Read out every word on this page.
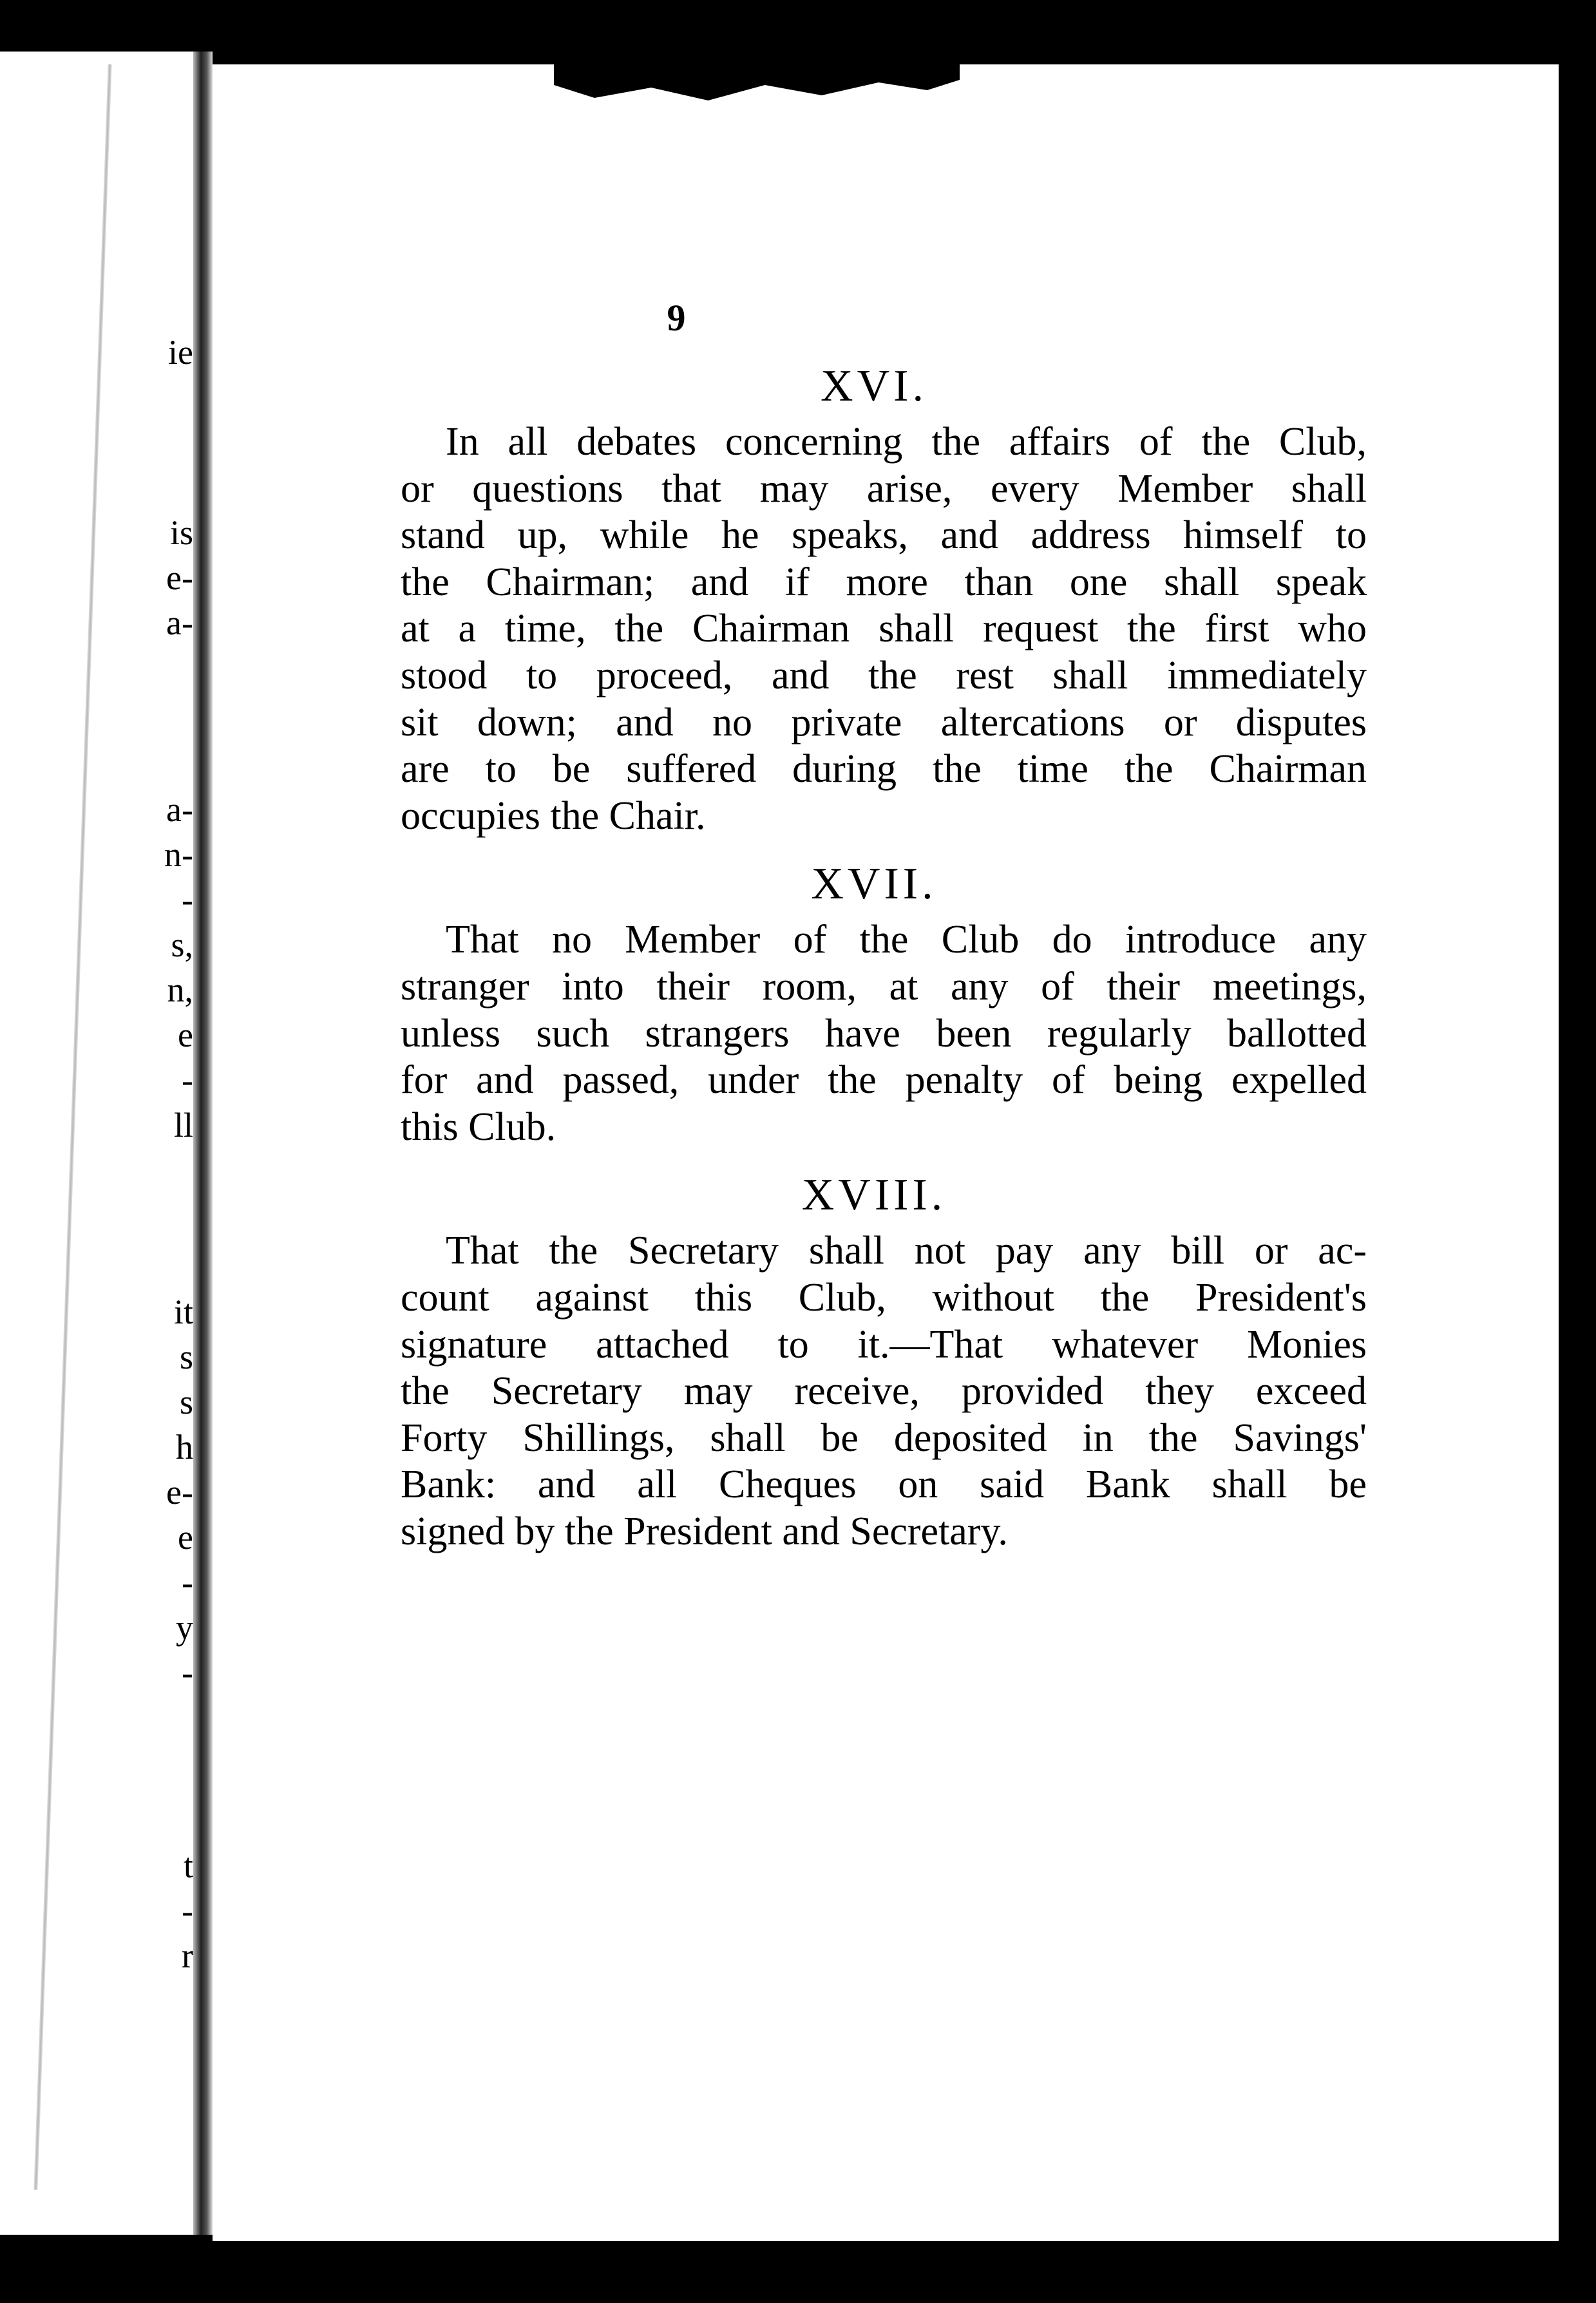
ie
is
e-
a-
a-
n-
-
s,
n,
e
-
ll
it
s
s
h
e-
e
-
y
-
t
-
r
9
XVI.

In all debates concerning the affairs of the Club,
or questions that may arise, every Member shall
stand up, while he speaks, and address himself to
the Chairman; and if more than one shall speak
at a time, the Chairman shall request the first who
stood to proceed, and the rest shall immediately
sit down; and no private altercations or disputes
are to be suffered during the time the Chairman
occupies the Chair.

XVII.

That no Member of the Club do introduce any
stranger into their room, at any of their meetings,
unless such strangers have been regularly ballotted
for and passed, under the penalty of being expelled
this Club.

XVIII.

That the Secretary shall not pay any bill or ac-
count against this Club, without the President's
signature attached to it.—That whatever Monies
the Secretary may receive, provided they exceed
Forty Shillings, shall be deposited in the Savings'
Bank: and all Cheques on said Bank shall be
signed by the President and Secretary.
